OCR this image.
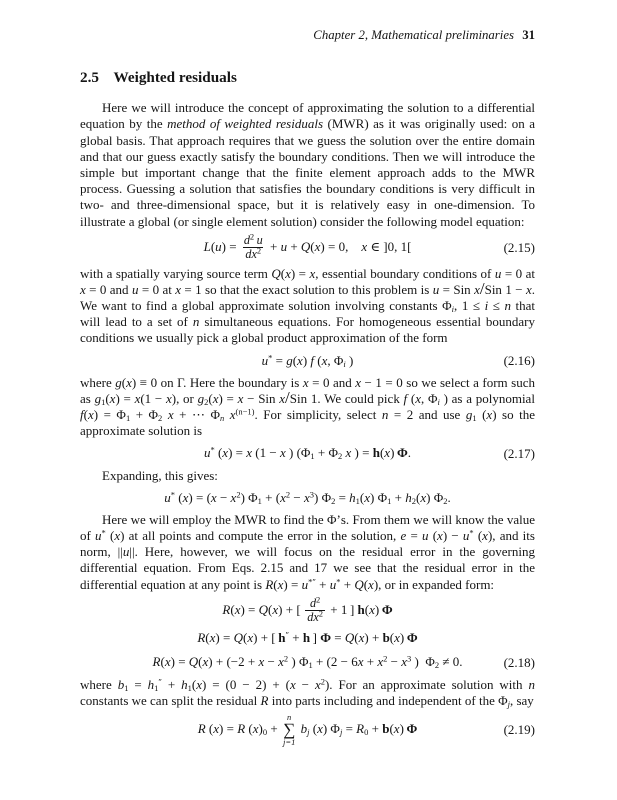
Chapter 2, Mathematical preliminaries 31
2.5 Weighted residuals
Here we will introduce the concept of approximating the solution to a differential equation by the method of weighted residuals (MWR) as it was originally used: on a global basis. That approach requires that we guess the solution over the entire domain and that our guess exactly satisfy the boundary conditions. Then we will introduce the simple but important change that the finite element approach adds to the MWR process. Guessing a solution that satisfies the boundary conditions is very difficult in two- and three-dimensional space, but it is relatively easy in one-dimension. To illustrate a global (or single element solution) consider the following model equation:
$L(u) = \frac{d^2 u}{dx^2} + u + Q(x) = 0$,    x ∈ ]0, 1[	(2.15)
with a spatially varying source term Q(x) = x, essential boundary conditions of u = 0 at x = 0 and u = 0 at x = 1 so that the exact solution to this problem is u = Sin x/Sin 1 − x. We want to find a global approximate solution involving constants $\Phi_i$, 1 ≤ i ≤ n that will lead to a set of n simultaneous equations. For homogeneous essential boundary conditions we usually pick a global product approximation of the form
u* = g(x) f (x, $\Phi_i$ )	(2.16)
where g(x) ≡ 0 on Γ. Here the boundary is x = 0 and x − 1 = 0 so we select a form such as $g_1(x) = x(1 - x)$, or $g_2(x) = x$ − Sin x/Sin 1. We could pick f (x, $\Phi_i$ ) as a polynomial $f(x) = \Phi_1 + \Phi_2$ x + ⋯ $\Phi_n$ $x^{(n-1)}$. For simplicity, select n = 2 and use $g_1$ (x) so the approximate solution is
u* (x) = x (1 − x ) ($\Phi_1 + \Phi_2$ x ) = h(x) Φ.	(2.17)
Expanding, this gives:
u* $(x) = (x - x^2)$ $\Phi_1 + (x^2 - x^3) \Phi_2 = h_1(x) \Phi_1 + h_2(x)$ $\Phi_2$.
Here we will employ the MWR to find the Φ’s. From them we will know the value of u* (x) at all points and compute the error in the solution, e = u (x) − u* (x), and its norm, ||u||. Here, however, we will focus on the residual error in the governing differential equation. From Eqs. 2.15 and 17 we see that the residual error in the differential equation at any point is R(x) = u*″ + u* + Q(x), or in expanded form:
R(x) = Q(x) + [  $\frac{d^2}{dx^2} + 1$ ] h(x) Φ
R(x) = Q(x) + [ h″ + h ] Φ = Q(x) + b(x) Φ
$R(x) = Q(x) + (-2 + x - x^2$ ) $\Phi_1 + (2 - 6x + x^2 - x^3$ )  $\Phi_2 \ne 0$.	(2.18)
where $b_1 = h_1'' + h_1(x) = (0 - 2) + (x - x^2)$. For an approximate solution with n constants we can split the residual R into parts including and independent of the $\Phi_j$, say
R (x) = R $(x)_0$ +
n
∑
j=1
$b_j$ (x) $\Phi_j = R_0 + b(x)$ Φ	(2.19)
